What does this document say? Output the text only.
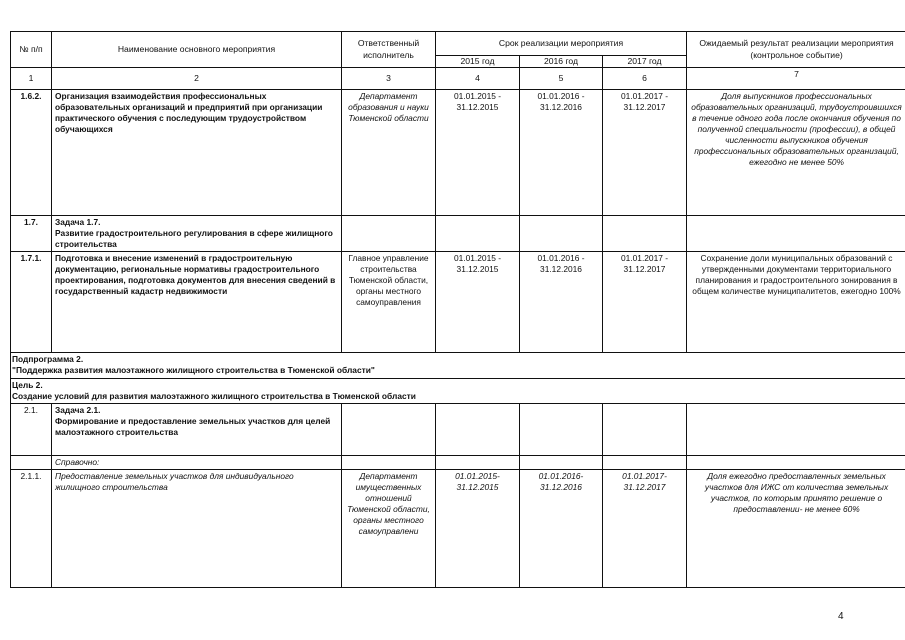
№ п/п	Наименование основного мероприятия	Ответственный исполнитель	Срок реализации мероприятия			Ожидаемый результат реализации мероприятия (контрольное событие)
			2015 год	2016 год	2017 год	
1	2	3	4	5	6	7
1.6.2.	Организация взаимодействия профессиональных образовательных организаций и предприятий при организации практического обучения с последующим трудоустройством обучающихся	Департамент образования и науки Тюменской области	01.01.2015 - 31.12.2015	01.01.2016 - 31.12.2016	01.01.2017 - 31.12.2017	Доля выпускников профессиональных образовательных организаций, трудоустроившихся в течение одного года после окончания обучения по полученной специальности (профессии), в общей численности выпускников обучения профессиональных образовательных организаций, ежегодно не менее 50%
1.7.	Задача 1.7.
Развитие градостроительного регулирования в сфере жилищного строительства					

1.7.1.	Подготовка и внесение изменений в градостроительную документацию, региональные нормативы градостроительного проектирования, подготовка документов для внесения сведений в государственный кадастр недвижимости	Главное управление строительства Тюменской области, органы местного самоуправления	01.01.2015 - 31.12.2015	01.01.2016 - 31.12.2016	01.01.2017 - 31.12.2017	Сохранение доли муниципальных образований с утвержденными документами территориального планирования и градостроительного зонирования в общем количестве муниципалитетов, ежегодно 100%

Подпрограмма 2.
"Поддержка развития малоэтажного жилищного строительства в Тюменской области"						

Цель 2.
Создание условий для развития малоэтажного жилищного строительства в Тюменской области						

2.1.	Задача 2.1.
Формирование и предоставление земельных участков для целей малоэтажного строительства					

	Справочно:					
2.1.1.	Предоставление земельных участков для индивидуального жилищного строительства	Департамент имущественных отношений Тюменской области, органы местного самоуправлени	01.01.2015- 31.12.2015	01.01.2016- 31.12.2016	01.01.2017- 31.12.2017	Доля ежегодно предоставленных земельных участков для ИЖС от количества земельных участков, по которым принято решение о предоставлении- не менее 60%
4
